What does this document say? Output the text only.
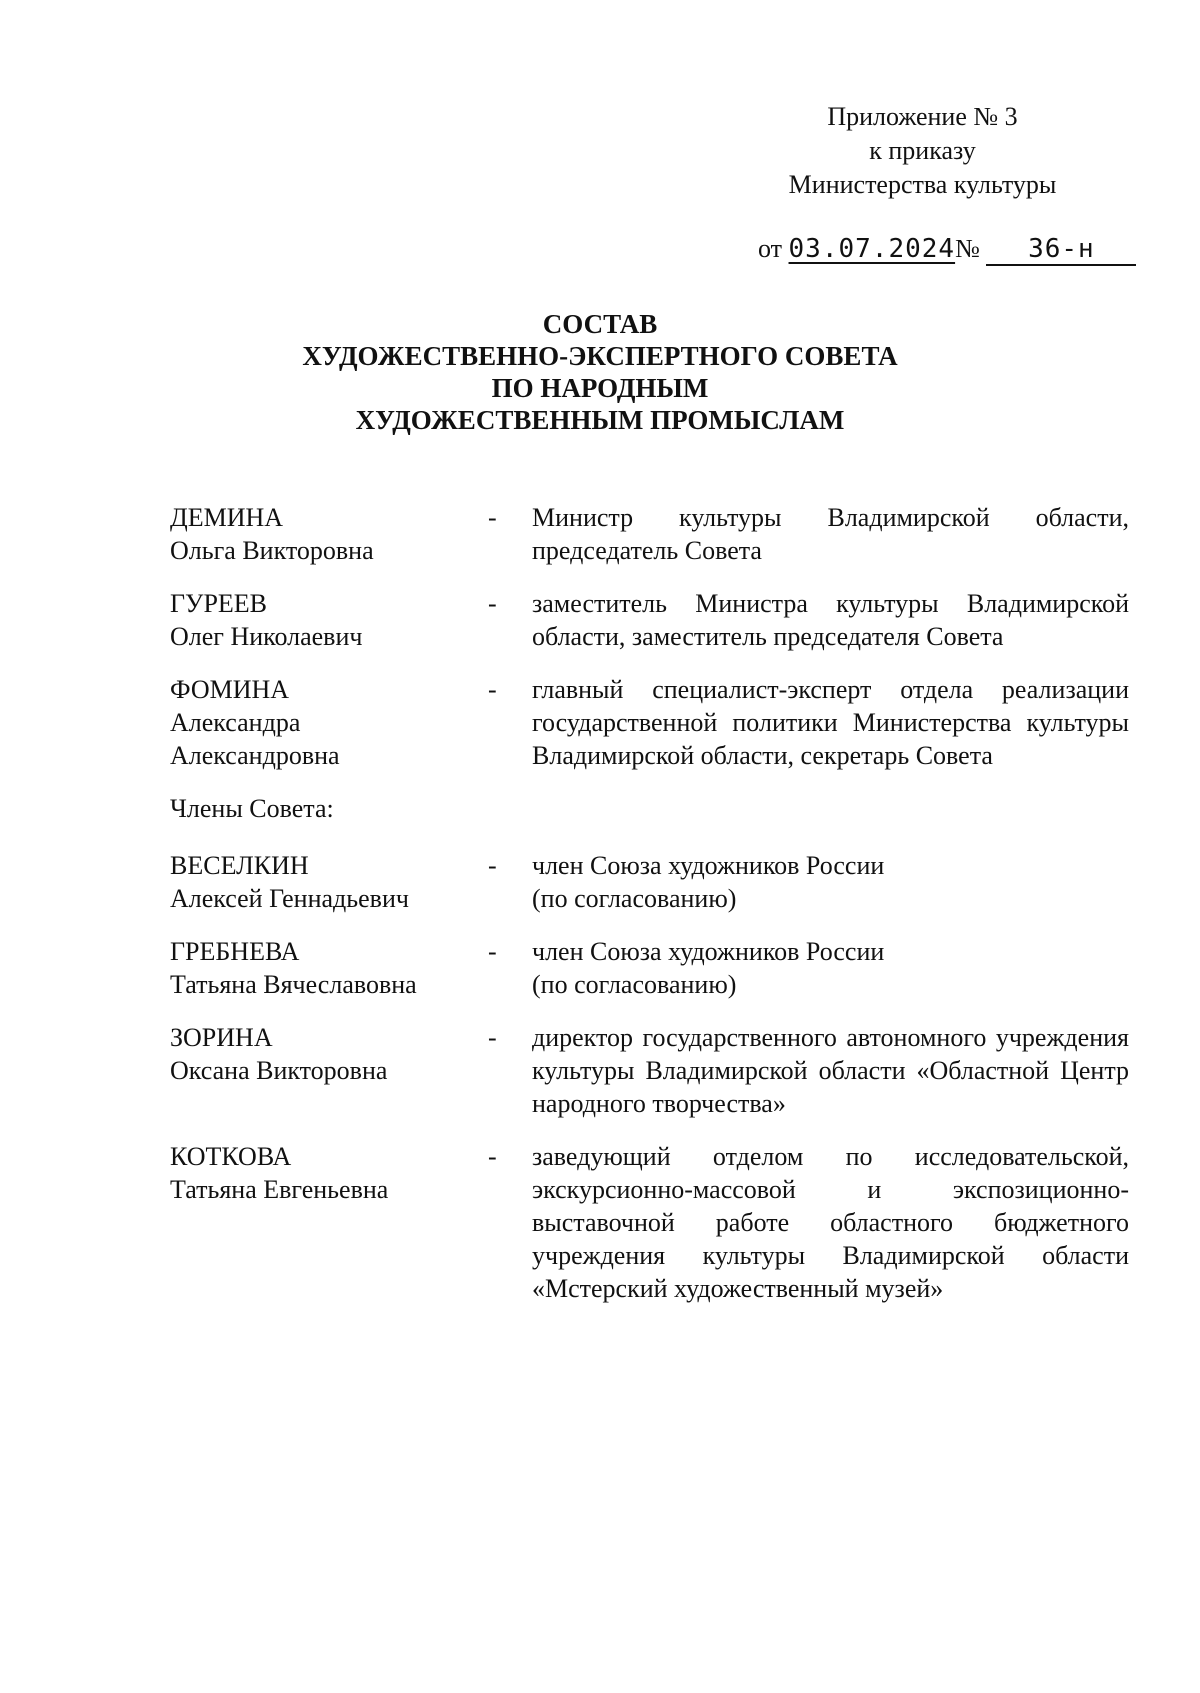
Приложение № 3
к приказу
Министерства культуры
от 03.07.2024№ 36-н
СОСТАВ
ХУДОЖЕСТВЕННО-ЭКСПЕРТНОГО СОВЕТА
ПО НАРОДНЫМ
ХУДОЖЕСТВЕННЫМ ПРОМЫСЛАМ
ДЕМИНА
Ольга Викторовна
-	Министр культуры Владимирской области, председатель Совета
ГУРЕЕВ
Олег Николаевич
-	заместитель Министра культуры Владимирской области, заместитель председателя Совета
ФОМИНА
Александра
Александровна
-	главный специалист-эксперт отдела реализации государственной политики Министерства культуры Владимирской области, секретарь Совета
Члены Совета:
ВЕСЕЛКИН
Алексей Геннадьевич
-	член Союза художников России
(по согласованию)
ГРЕБНЕВА
Татьяна Вячеславовна
-	член Союза художников России
(по согласованию)
ЗОРИНА
Оксана Викторовна
-	директор государственного автономного учреждения культуры Владимирской области «Областной Центр народного творчества»
КОТКОВА
Татьяна Евгеньевна
-	заведующий отделом по исследовательской, экскурсионно-массовой и экспозиционно-выставочной работе областного бюджетного учреждения культуры Владимирской области «Мстерский художественный музей»
